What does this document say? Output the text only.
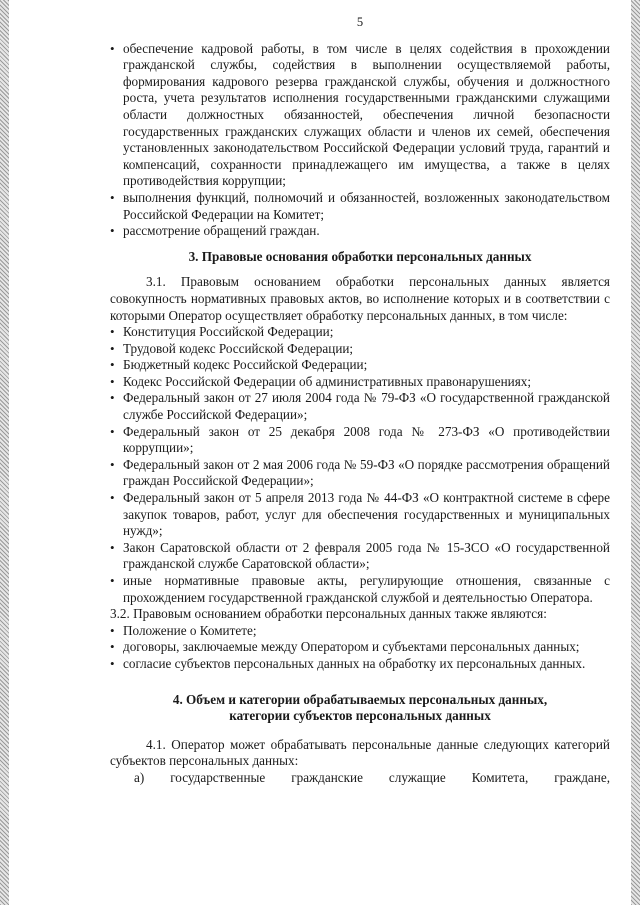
5
• обеспечение кадровой работы, в том числе в целях содействия в прохождении гражданской службы, содействия в выполнении осуществляемой работы, формирования кадрового резерва гражданской службы, обучения и должностного роста, учета результатов исполнения государственными гражданскими служащими области должностных обязанностей, обеспечения личной безопасности государственных гражданских служащих области и членов их семей, обеспечения установленных законодательством Российской Федерации условий труда, гарантий и компенсаций, сохранности принадлежащего им имущества, а также в целях противодействия коррупции;
• выполнения функций, полномочий и обязанностей, возложенных законодательством Российской Федерации на Комитет;
• рассмотрение обращений граждан.
3. Правовые основания обработки персональных данных

3.1. Правовым основанием обработки персональных данных является совокупность нормативных правовых актов, во исполнение которых и в соответствии с которыми Оператор осуществляет обработку персональных данных, в том числе:

• Конституция Российской Федерации;
• Трудовой кодекс Российской Федерации;
• Бюджетный кодекс Российской Федерации;
• Кодекс Российской Федерации об административных правонарушениях;
• Федеральный закон от 27 июля 2004 года № 79-ФЗ «О государственной гражданской службе Российской Федерации»;
• Федеральный закон от 25 декабря 2008 года № 273-ФЗ «О противодействии коррупции»;
• Федеральный закон от 2 мая 2006 года № 59-ФЗ «О порядке рассмотрения обращений граждан Российской Федерации»;
• Федеральный закон от 5 апреля 2013 года № 44-ФЗ «О контрактной системе в сфере закупок товаров, работ, услуг для обеспечения государственных и муниципальных нужд»;
• Закон Саратовской области от 2 февраля 2005 года № 15-ЗСО «О государственной гражданской службе Саратовской области»;
• иные нормативные правовые акты, регулирующие отношения, связанные с прохождением государственной гражданской службой и деятельностью Оператора.

3.2. Правовым основанием обработки персональных данных также являются:

• Положение о Комитете;
• договоры, заключаемые между Оператором и субъектами персональных данных;
• согласие субъектов персональных данных на обработку их персональных данных.
4. Объем и категории обрабатываемых персональных данных,
категории субъектов персональных данных

4.1. Оператор может обрабатывать персональные данные следующих категорий субъектов персональных данных:

а) государственные гражданские служащие Комитета, граждане,
